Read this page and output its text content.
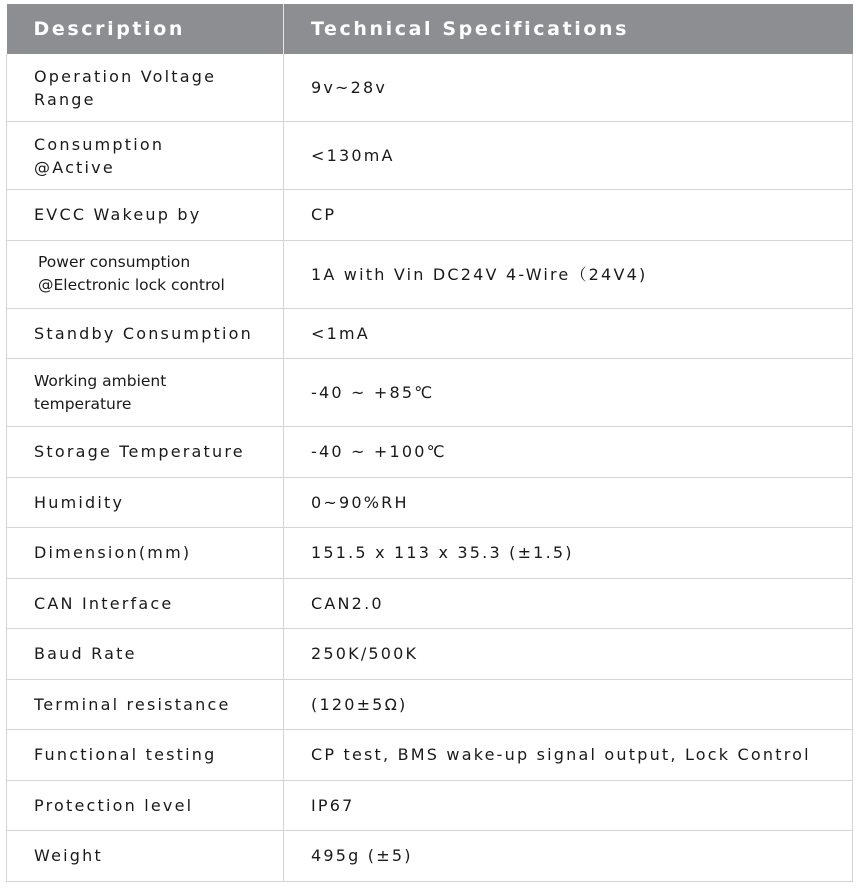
Description	Technical Specifications
Operation Voltage Range	9v~28v
Consumption @Active	<130mA
EVCC Wakeup by	CP
Power consumption @Electronic lock control	1A with Vin DC24V 4-Wire（24V4)
Standby Consumption	<1mA
Working ambient temperature	-40 ~ +85℃
Storage Temperature	-40 ~ +100℃
Humidity	0~90%RH
Dimension(mm)	151.5 x 113 x 35.3 (±1.5)
CAN Interface	CAN2.0
Baud Rate	250K/500K
Terminal resistance	(120±5Ω)
Functional testing	CP test, BMS wake-up signal output, Lock Control
Protection level	IP67
Weight	495g (±5)
